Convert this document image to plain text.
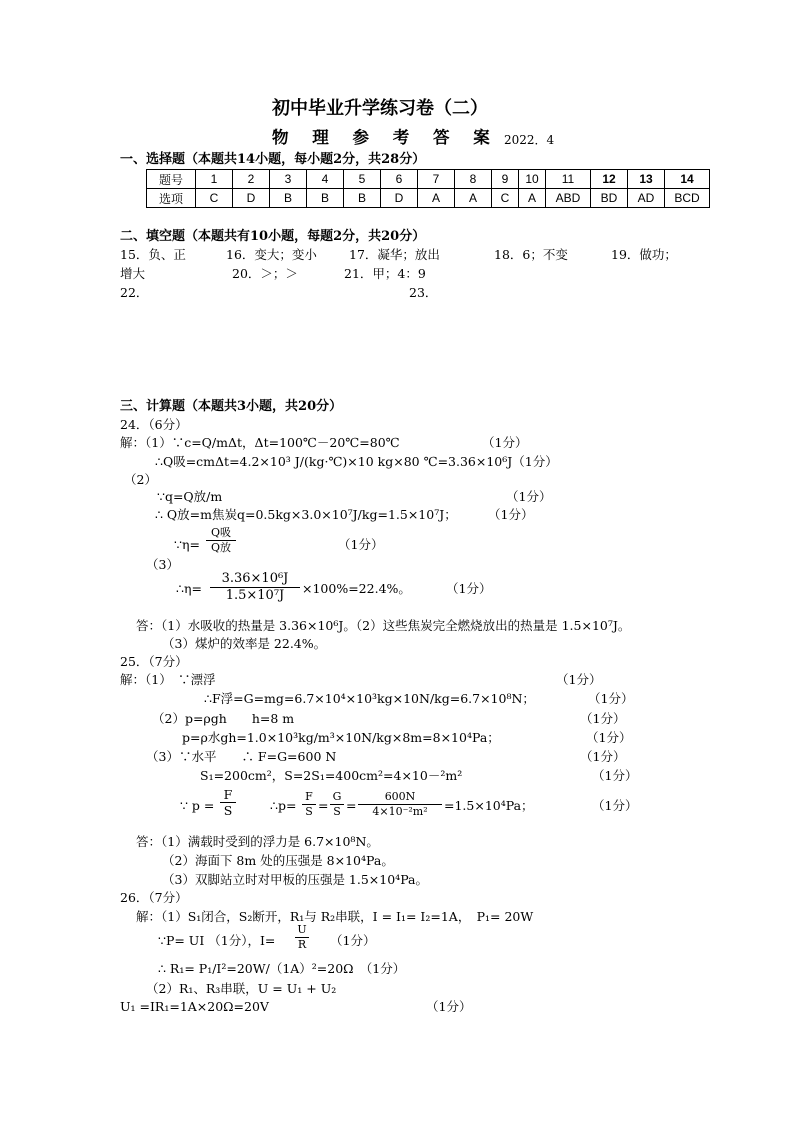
初中毕业升学练习卷（二）
物 理 参 考 答 案 2022．4
一、选择题（本题共14小题，每小题2分，共28分）
题号	1	2	3	4	5	6	7	8	9	10	11	12	13	14
选项	C	D	B	B	B	D	A	A	C	A	ABD	BD	AD	BCD
二、填空题（本题共有10小题，每题2分，共20分）
15．负、正	16．变大；变小	17．凝华；放出	18．6；不变	19．做功；
增大	20．＞；＞	21．甲；4：9
22．	23．
三、计算题（本题共3小题，共20分）
24．（6分）
解：（1）∵c=Q/mΔt，Δt=100℃－20℃=80℃	（1分）
∴Q吸=cmΔt=4.2×10³ J/(kg·℃)×10 kg×80 ℃=3.36×10⁶J（1分）
（2）
∵q=Q放/m	（1分）
∴ Q放=m焦炭q=0.5kg×3.0×10⁷J/kg=1.5×10⁷J；	（1分）
∵η=
Q吸
Q放	（1分）
（3）
∴η= $\frac{\text{3.36×10⁶J}}{\text{1.5×10⁷J}} \times 100\%=22.4\%$。	（1分）
答：（1）水吸收的热量是 3.36×10⁶J。（2）这些焦炭完全燃烧放出的热量是 1.5×10⁷J。
（3）煤炉的效率是 22.4%。
25．（7分）
解：（1）　∵漂浮	（1分）
∴F浮=G=mg=6.7×10⁴×10³kg×10N/kg=6.7×10⁸N；	（1分）
（2）p=ρgh　　h=8 m	（1分）
p=ρ水gh=1.0×10³kg/m³×10N/kg×8m=8×10⁴Pa；	（1分）
（3）∵水平　　∴ F=G=600 N	（1分）
S₁=200cm²，S=2S₁=400cm²=4×10－²m²	（1分）
∵ $p = \frac{F}{S}$	∴p= $\frac{F}{S} = \frac{G}{S} = \frac{600N}{\text{4×10⁻²m²}} =1.5\times 10^4Pa$；	（1分）
答：（1）满载时受到的浮力是 6.7×10⁸N。
（2）海面下 8m 处的压强是 8×10⁴Pa。
（3）双脚站立时对甲板的压强是 1.5×10⁴Pa。
26．（7分）
解：（1）S₁闭合，S₂断开，R₁与 R₂串联，I = I₁= I₂=1A，　P₁= 20W
∵P= UI （1分），$I= \frac{U}{R} (1$分）
∴ R₁= P₁/I²=20W/（1A）²=20Ω　（1分）
（2）R₁、R₃串联，U = U₁ + U₂
U₁ =IR₁=1A×20Ω=20V	（1分）
